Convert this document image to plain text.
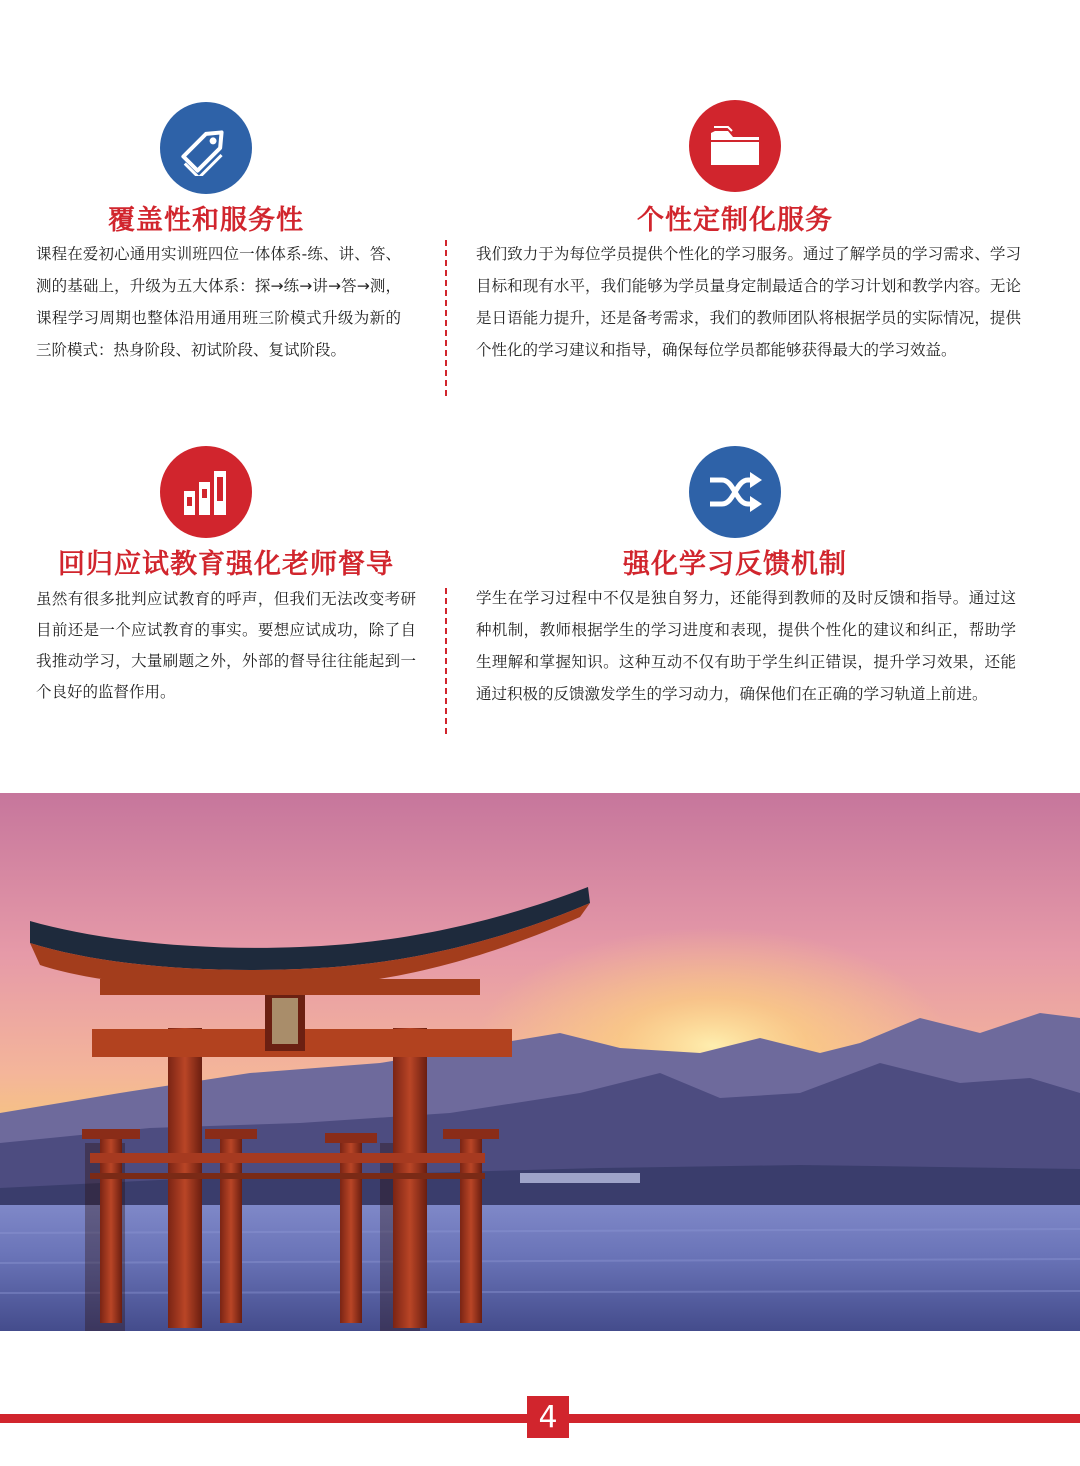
覆盖性和服务性

课程在爱初心通用实训班四位一体体系-练、讲、答、测的基础上，升级为五大体系：探→练→讲→答→测，课程学习周期也整体沿用通用班三阶模式升级为新的三阶模式：热身阶段、初试阶段、复试阶段。

个性定制化服务

我们致力于为每位学员提供个性化的学习服务。通过了解学员的学习需求、学习目标和现有水平，我们能够为学员量身定制最适合的学习计划和教学内容。无论是日语能力提升，还是备考需求，我们的教师团队将根据学员的实际情况，提供个性化的学习建议和指导，确保每位学员都能够获得最大的学习效益。

回归应试教育强化老师督导

虽然有很多批判应试教育的呼声，但我们无法改变考研目前还是一个应试教育的事实。要想应试成功，除了自我推动学习，大量刷题之外，外部的督导往往能起到一个良好的监督作用。

强化学习反馈机制

学生在学习过程中不仅是独自努力，还能得到教师的及时反馈和指导。通过这种机制，教师根据学生的学习进度和表现，提供个性化的建议和纠正，帮助学生理解和掌握知识。这种互动不仅有助于学生纠正错误，提升学习效果，还能通过积极的反馈激发学生的学习动力，确保他们在正确的学习轨道上前进。

4
